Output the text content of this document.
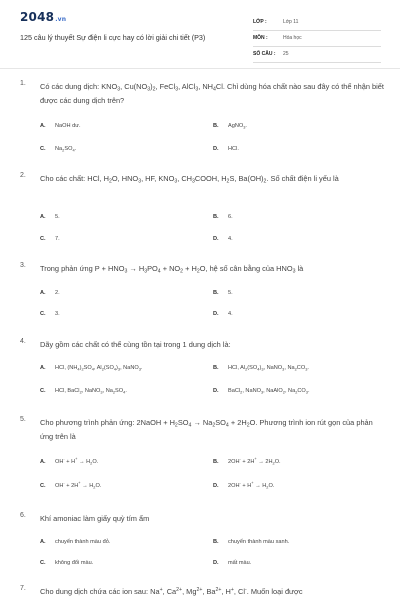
2048.vn
125 câu lý thuyết Sự điện li cực hay có lời giải chi tiết (P3)
LỚP :	Lớp 11
MÔN :	Hóa học
SỐ CÂU : 25
1. Có các dung dịch: $KNO_3$, $Cu(NO_3)_2$, FeCl$_3$, AlCl$_3$, $NH_4Cl$. Chỉ dùng hóa chất nào sau đây có thể nhận biết được các dung dịch trên?
A. NaOH dư.	B. AgNO$_3$.
C. $Na_2SO_4$.	D. HCl.
2. Cho các chất: HCl, $H_2O$, $HNO_3$, HF, $KNO_3$, $CH_3COOH$, $H_2S$, $Ba(OH)_2$. Số chất điện li yếu là
A. 5.	B. 6.
C. 7.	D. 4.
3. Trong phản ứng $P + HNO_3 \to H_3PO_4 + NO_2 + H_2O$, hệ số cân bằng của $HNO_3$ là
A. 2.	B. 5.
C. 3.	D. 4.
4. Dãy gồm các chất có thể cùng tồn tại trong 1 dung dịch là:
A. HCl, $(NH_4)_2SO_4$, $Al_2(SO_4)_3$, NaNO$_3$.	B. HCl, $Al_2(SO_4)_3$, NaNO$_3$, $Na_2CO_3$.
C. HCl, BaCl$_2$, NaNO$_3$, $Na_2SO_4$.	D. BaCl$_2$, NaNO$_3$, NaAlO$_2$, $Na_2CO_3$.
5. Cho phương trình phản ứng: 2NaOH + $H_2SO_4 \to Na_2SO_4 + 2H_2O$. Phương trình ion rút gọn của phản ứng trên là
A. $OH^- + H^+ \to H_2O$.	B. $2OH^- + 2H^+ \to 2H_2O$.
C. $OH^- + 2H^+ \to H_2O$.	D. $2OH^- + H^+ \to H_2O$.
6. Khí amoniac làm giấy quỳ tím ẩm
A. chuyển thành màu đỏ.	B. chuyển thành màu xanh.
C. không đổi màu.	D. mất màu.
7. Cho dung dịch chứa các ion sau: Na+, $Ca^{2+}$, $Mg^{2+}$, $Ba^{2+}$, H+, Cl-. Muốn loại được
